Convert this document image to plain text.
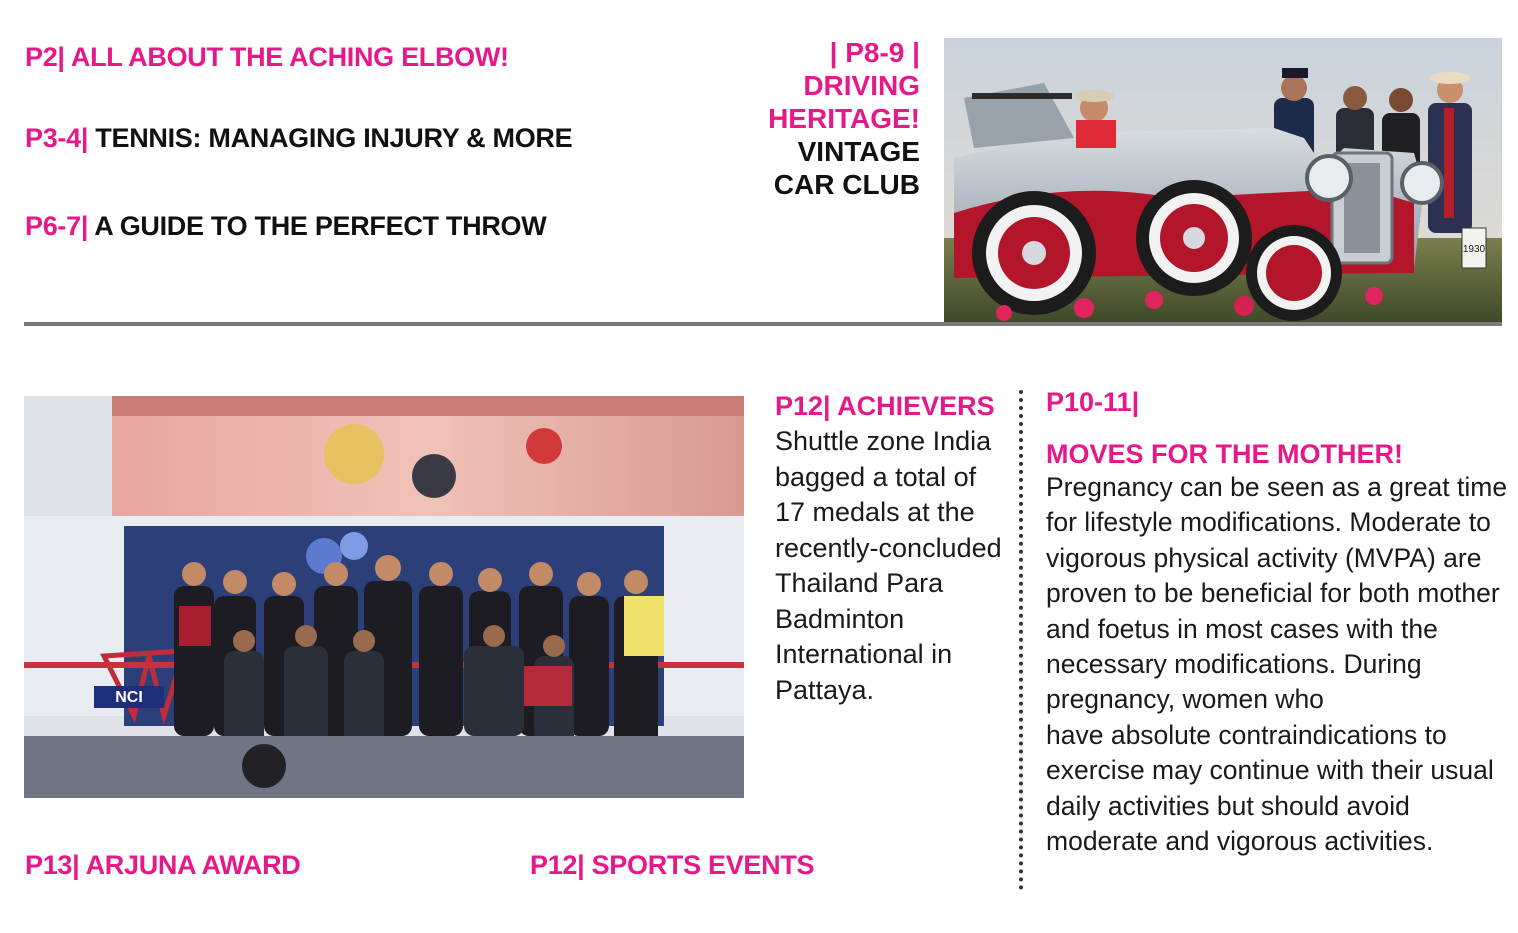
P2| ALL ABOUT THE ACHING ELBOW!
P3-4| TENNIS: MANAGING INJURY & MORE
P6-7| A GUIDE TO THE PERFECT THROW
| P8-9 |
DRIVING
HERITAGE!
VINTAGE
CAR CLUB
1930
NCI
P12| ACHIEVERS
Shuttle zone India bagged a total of 17 medals at the recently-concluded Thailand Para Badminton International in Pattaya.
P10-11|
MOVES FOR THE MOTHER!
Pregnancy can be seen as a great time for lifestyle modifications. Moderate to vigorous physical activity (MVPA) are proven to be beneficial for both mother and foetus in most cases with the necessary modifications. During pregnancy, women who
have absolute contraindications to exercise may continue with their usual daily activities but should avoid moderate and vigorous activities.
P13| ARJUNA AWARD	P12| SPORTS EVENTS
